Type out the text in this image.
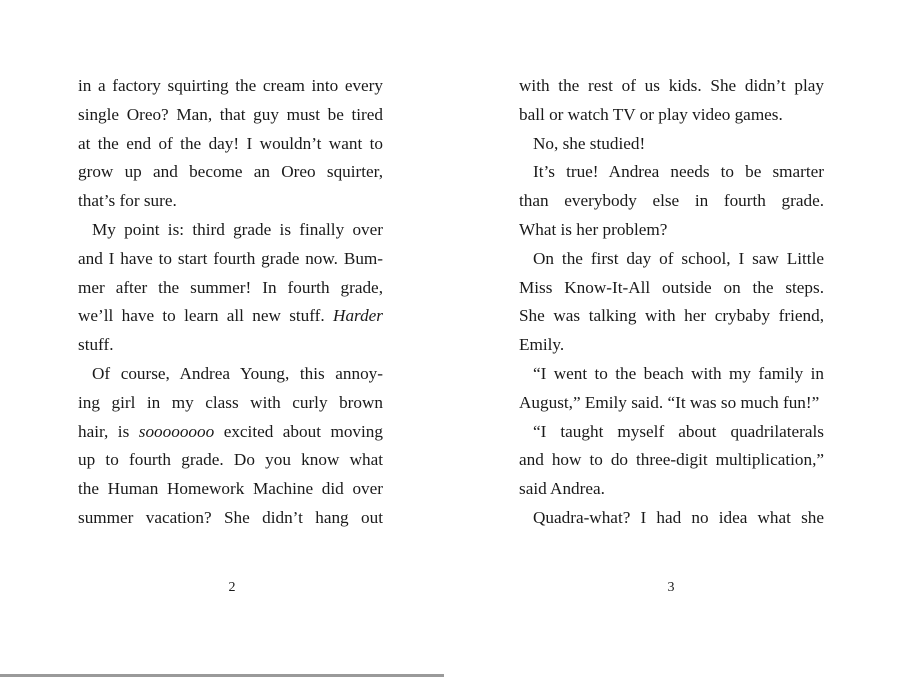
in a factory squirting the cream into every
single Oreo? Man, that guy must be tired
at the end of the day! I wouldn’t want to
grow up and become an Oreo squirter,
that’s for sure.
My point is: third grade is finally over
and I have to start fourth grade now. Bum-
mer after the summer! In fourth grade,
we’ll have to learn all new stuff. Harder
stuff.
Of course, Andrea Young, this annoy-
ing girl in my class with curly brown
hair, is soooooooo excited about moving
up to fourth grade. Do you know what
the Human Homework Machine did over
summer vacation? She didn’t hang out
with the rest of us kids. She didn’t play
ball or watch TV or play video games.
No, she studied!
It’s true! Andrea needs to be smarter
than everybody else in fourth grade.
What is her problem?
On the first day of school, I saw Little
Miss Know-It-All outside on the steps.
She was talking with her crybaby friend,
Emily.
“I went to the beach with my family in
August,” Emily said. “It was so much fun!”
“I taught myself about quadrilaterals
and how to do three-digit multiplication,”
said Andrea.
Quadra-what? I had no idea what she
2	3
